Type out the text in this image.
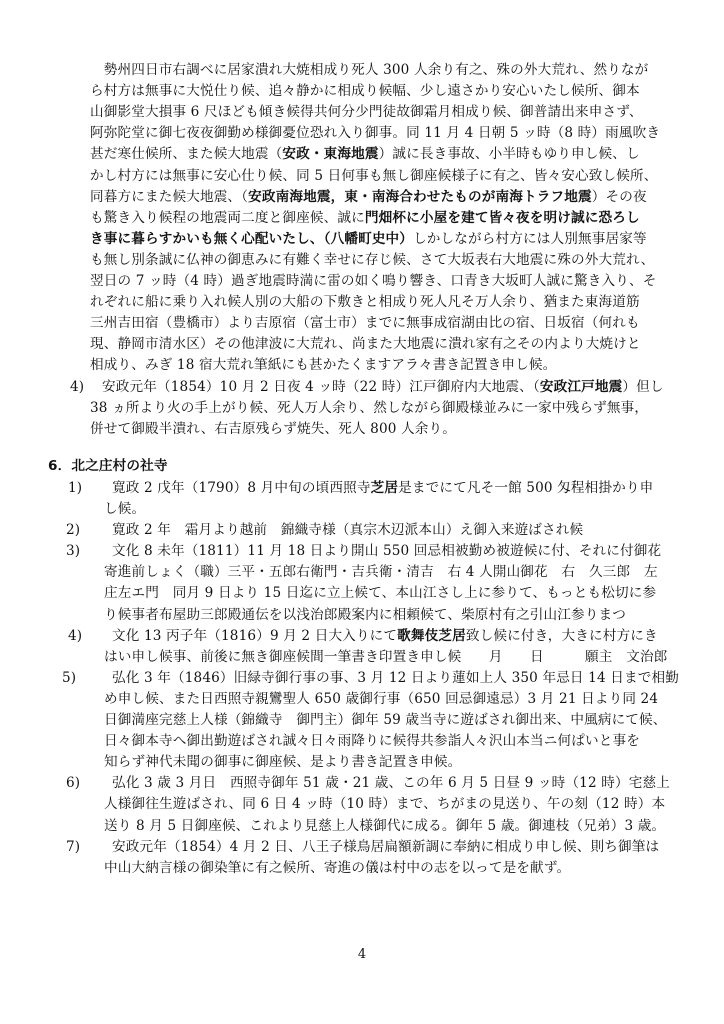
　勢州四日市右調べに居家潰れ大焼相成り死人 300 人余り有之、殊の外大荒れ、然りなが
ら村方は無事に大悦仕り候、追々静かに相成り候幅、少し遠さかり安心いたし候所、御本
山御影堂大損事 6 尺ほども傾き候得共何分少門徒故御霜月相成り候、御普請出来申さず、
阿弥陀堂に御七夜夜御勤め様御憂位恐れ入り御事。同 11 月 4 日朝 5 ッ時（8 時）雨風吹き
甚だ寒仕候所、また候大地震（安政・東海地震）誠に長き事故、小半時もゆり申し候、し
かし村方には無事に安心仕り候、同 5 日何事も無し御座候様子に有之、皆々安心致し候所、
同暮方にまた候大地震、（安政南海地震，東・南海合わせたものが南海トラフ地震）その夜
も驚き入り候程の地震両二度と御座候、誠に門畑杯に小屋を建て皆々夜を明け誠に恐ろし
き事に暮らすかいも無く心配いたし、（八幡町史中）しかしながら村方には人別無事居家等
も無し別条誠に仏神の御恵みに有難く幸せに存じ候、さて大坂表右大地震に殊の外大荒れ、
翌日の 7 ッ時（4 時）過ぎ地震時満に雷の如く鳴り響き、口青き大坂町人誠に驚き入り、そ
れぞれに船に乗り入れ候人別の大船の下敷きと相成り死人凡そ万人余り、猶また東海道筋
三州吉田宿（豊橋市）より吉原宿（富士市）までに無事成宿湖由比の宿、日坂宿（何れも
現、静岡市清水区）その他津波に大荒れ、尚また大地震に潰れ家有之その内より大焼けと
相成り、みぎ 18 宿大荒れ筆紙にも甚かたくますアラ々書き記置き申し候。
4) 安政元年（1854）10 月 2 日夜 4 ッ時（22 時）江戸御府内大地震、（安政江戸地震）但し
38 ヵ所より火の手上がり候、死人万人余り、然しながら御殿様並みに一家中残らず無事，
併せて御殿半潰れ、右吉原残らず焼失、死人 800 人余り。
6．北之庄村の社寺
1) 寛政 2 戊年（1790）8 月中旬の頃西照寺芝居是までにて凡そ一館 500 匁程相掛かり申
し候。
2) 寛政 2 年　霜月より越前　錦織寺様（真宗木辺派本山）え御入来遊ばされ候
3) 文化 8 未年（1811）11 月 18 日より開山 550 回忌相被勤め被遊候に付、それに付御花
寄進前しょく（職）三平・五郎右衛門・吉兵衛・清吉　右 4 人開山御花　右　久三郎　左
庄左エ門　同月 9 日より 15 日迄に立上候て、本山江さし上に参りて、もっとも松切に参
り候事者布屋助三郎殿通伝を以浅治郎殿案内に相頼候て、柴原村有之引山江参りまつ
4) 文化 13 丙子年（1816）9 月 2 日大入りにて歌舞伎芝居致し候に付き，大きに村方にき
はい申し候事、前後に無き御座候間一筆書き印置き申し候　　月　　日　　　願主　文治郎
5)	弘化 3 年（1846）旧緑寺御行事の事、3 月 12 日より蓮如上人 350 年忌日 14 日まで相勤
め申し候、また日西照寺親鸞聖人 650 歳御行事（650 回忌御遠忌）3 月 21 日より同 24
日御満座完慈上人様（錦織寺　御門主）御年 59 歳当寺に遊ばされ御出来、中風病にて候、
日々御本寺へ御出勤遊ばされ誠々日々雨降りに候得共参詣人々沢山本当ニ何ぱいと事を
知らず神代未聞の御事に御座候、是より書き記置き申候。
6) 弘化 3 歳 3 月日　西照寺御年 51 歳・21 歳、この年 6 月 5 日昼 9 ッ時（12 時）宅慈上
人様御往生遊ばされ、同 6 日 4 ッ時（10 時）まで、ちがまの見送り、午の刻（12 時）本
送り 8 月 5 日御座候、これより見慈上人様御代に成る。御年 5 歳。御連枝（兄弟）3 歳。
7) 安政元年（1854）4 月 2 日、八王子様鳥居扁額新調に奉納に相成り申し候、則ち御筆は
中山大納言様の御染筆に有之候所、寄進の儀は村中の志を以って是を献ず。
4
